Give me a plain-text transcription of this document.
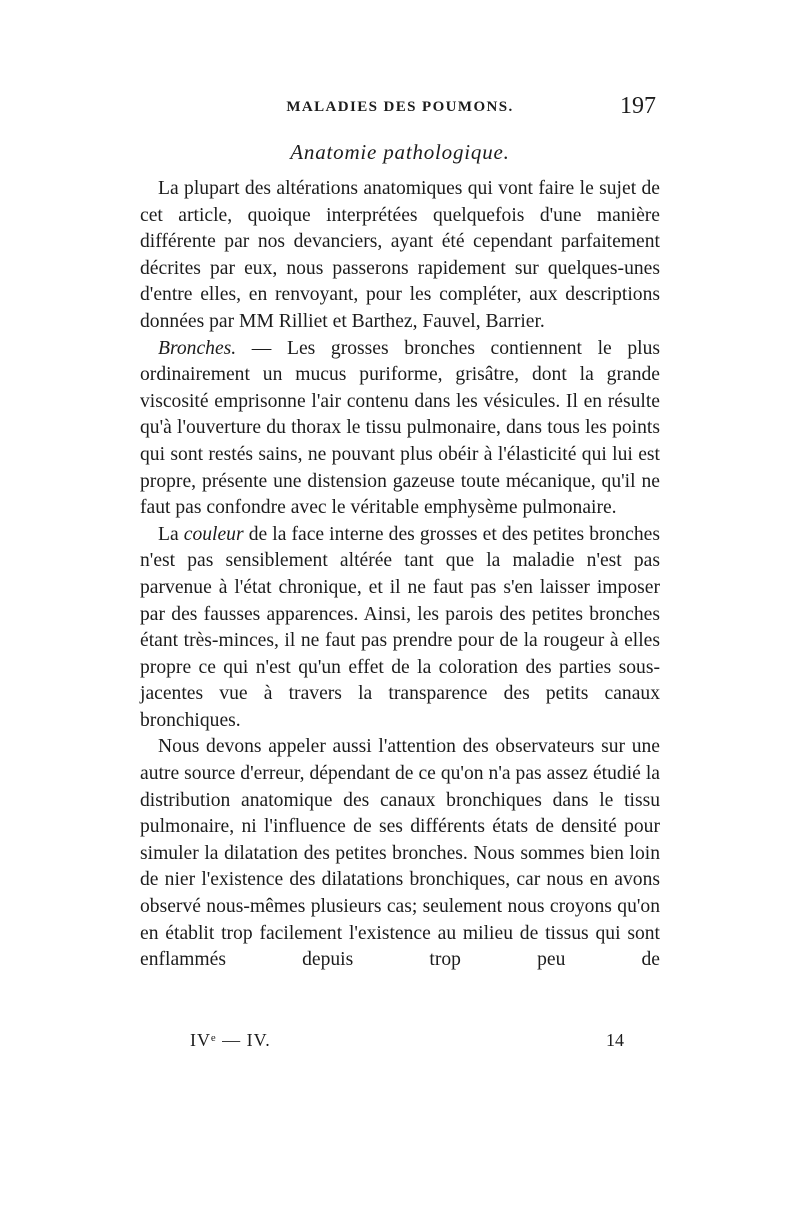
MALADIES DES POUMONS.	197
Anatomie pathologique.

La plupart des altérations anatomiques qui vont faire le sujet de cet article, quoique interprétées quelquefois d'une manière différente par nos devanciers, ayant été cependant parfaitement décrites par eux, nous passerons rapidement sur quelques-unes d'entre elles, en renvoyant, pour les compléter, aux descriptions données par MM Rilliet et Barthez, Fauvel, Barrier.

Bronches. — Les grosses bronches contiennent le plus ordinairement un mucus puriforme, grisâtre, dont la grande viscosité emprisonne l'air contenu dans les vésicules. Il en résulte qu'à l'ouverture du thorax le tissu pulmonaire, dans tous les points qui sont restés sains, ne pouvant plus obéir à l'élasticité qui lui est propre, présente une distension gazeuse toute mécanique, qu'il ne faut pas confondre avec le véritable emphysème pulmonaire.

La couleur de la face interne des grosses et des petites bronches n'est pas sensiblement altérée tant que la maladie n'est pas parvenue à l'état chronique, et il ne faut pas s'en laisser imposer par des fausses apparences. Ainsi, les parois des petites bronches étant très-minces, il ne faut pas prendre pour de la rougeur à elles propre ce qui n'est qu'un effet de la coloration des parties sous-jacentes vue à travers la transparence des petits canaux bronchiques.

Nous devons appeler aussi l'attention des observateurs sur une autre source d'erreur, dépendant de ce qu'on n'a pas assez étudié la distribution anatomique des canaux bronchiques dans le tissu pulmonaire, ni l'influence de ses différents états de densité pour simuler la dilatation des petites bronches. Nous sommes bien loin de nier l'existence des dilatations bronchiques, car nous en avons observé nous-mêmes plusieurs cas; seulement nous croyons qu'on en établit trop facilement l'existence au milieu de tissus qui sont enflammés depuis trop peu de

IVᵉ — IV.	14
